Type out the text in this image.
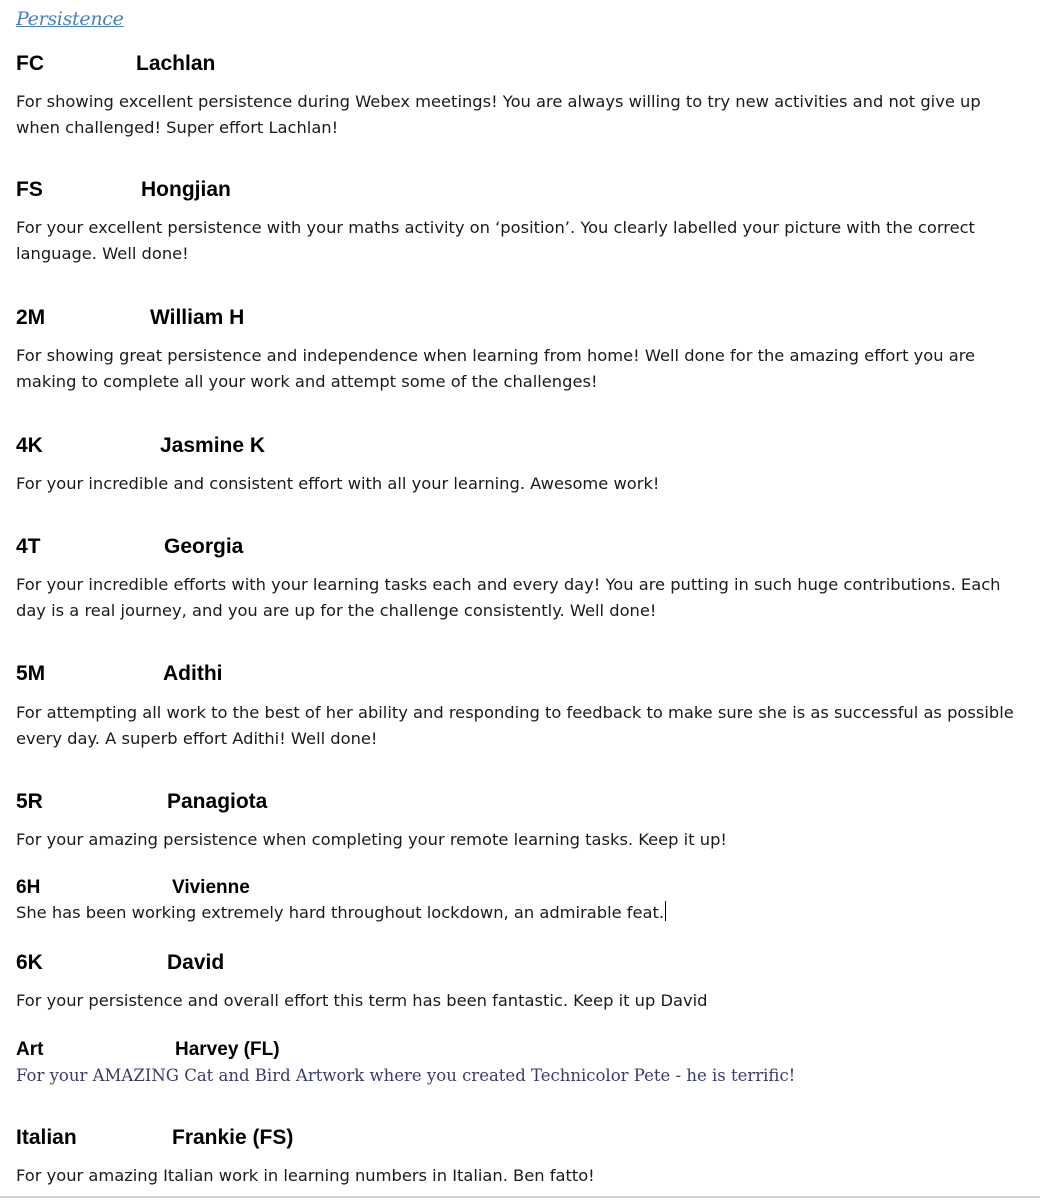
Persistence
FC	Lachlan
For showing excellent persistence during Webex meetings! You are always willing to try new activities and not give up when challenged! Super effort Lachlan!
FS	Hongjian
For your excellent persistence with your maths activity on ‘position’. You clearly labelled your picture with the correct language. Well done!
2M	William H
For showing great persistence and independence when learning from home! Well done for the amazing effort you are making to complete all your work and attempt some of the challenges!
4K	Jasmine K
For your incredible and consistent effort with all your learning. Awesome work!
4T	Georgia
For your incredible efforts with your learning tasks each and every day! You are putting in such huge contributions. Each day is a real journey, and you are up for the challenge consistently. Well done!
5M	Adithi
For attempting all work to the best of her ability and responding to feedback to make sure she is as successful as possible every day. A superb effort Adithi! Well done!
5R	Panagiota
For your amazing persistence when completing your remote learning tasks. Keep it up!
6H	Vivienne
She has been working extremely hard throughout lockdown, an admirable feat.
6K	David
For your persistence and overall effort this term has been fantastic. Keep it up David
Art	Harvey (FL)
For your AMAZING Cat and Bird Artwork where you created Technicolor Pete - he is terrific!
Italian	Frankie (FS)
For your amazing Italian work in learning numbers in Italian. Ben fatto!
